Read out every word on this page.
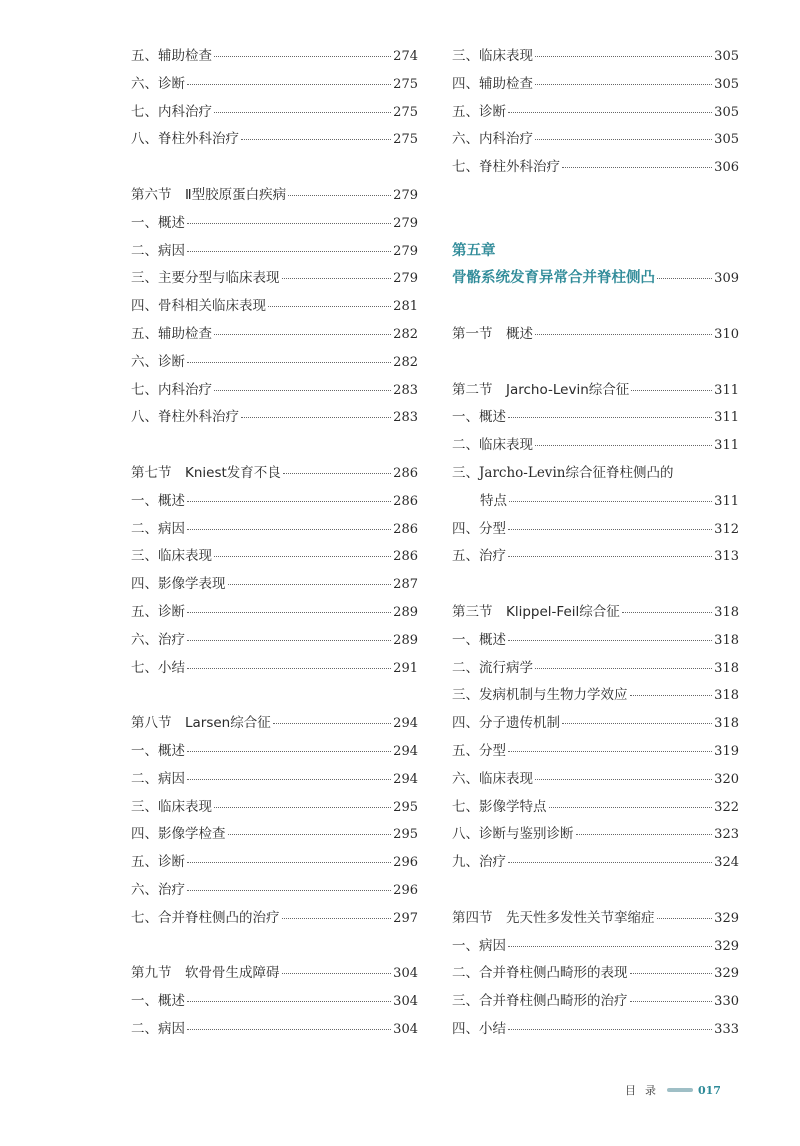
五、辅助检查	274
六、诊断	275
七、内科治疗	275
八、脊柱外科治疗	275
第六节　Ⅱ型胶原蛋白疾病	279
一、概述	279
二、病因	279
三、主要分型与临床表现	279
四、骨科相关临床表现	281
五、辅助检查	282
六、诊断	282
七、内科治疗	283
八、脊柱外科治疗	283
第七节　Kniest发育不良	286
一、概述	286
二、病因	286
三、临床表现	286
四、影像学表现	287
五、诊断	289
六、治疗	289
七、小结	291
第八节　Larsen综合征	294
一、概述	294
二、病因	294
三、临床表现	295
四、影像学检查	295
五、诊断	296
六、治疗	296
七、合并脊柱侧凸的治疗	297
第九节　软骨骨生成障碍	304
一、概述	304
二、病因	304
三、临床表现	305
四、辅助检查	305
五、诊断	305
六、内科治疗	305
七、脊柱外科治疗	306
第五章
骨骼系统发育异常合并脊柱侧凸	309
第一节　概述	310
第二节　Jarcho-Levin综合征	311
一、概述	311
二、临床表现	311
三、Jarcho-Levin综合征脊柱侧凸的
特点	311
四、分型	312
五、治疗	313
第三节　Klippel-Feil综合征	318
一、概述	318
二、流行病学	318
三、发病机制与生物力学效应	318
四、分子遗传机制	318
五、分型	319
六、临床表现	320
七、影像学特点	322
八、诊断与鉴别诊断	323
九、治疗	324
第四节　先天性多发性关节挛缩症	329
一、病因	329
二、合并脊柱侧凸畸形的表现	329
三、合并脊柱侧凸畸形的治疗	330
四、小结	333
目录	017
